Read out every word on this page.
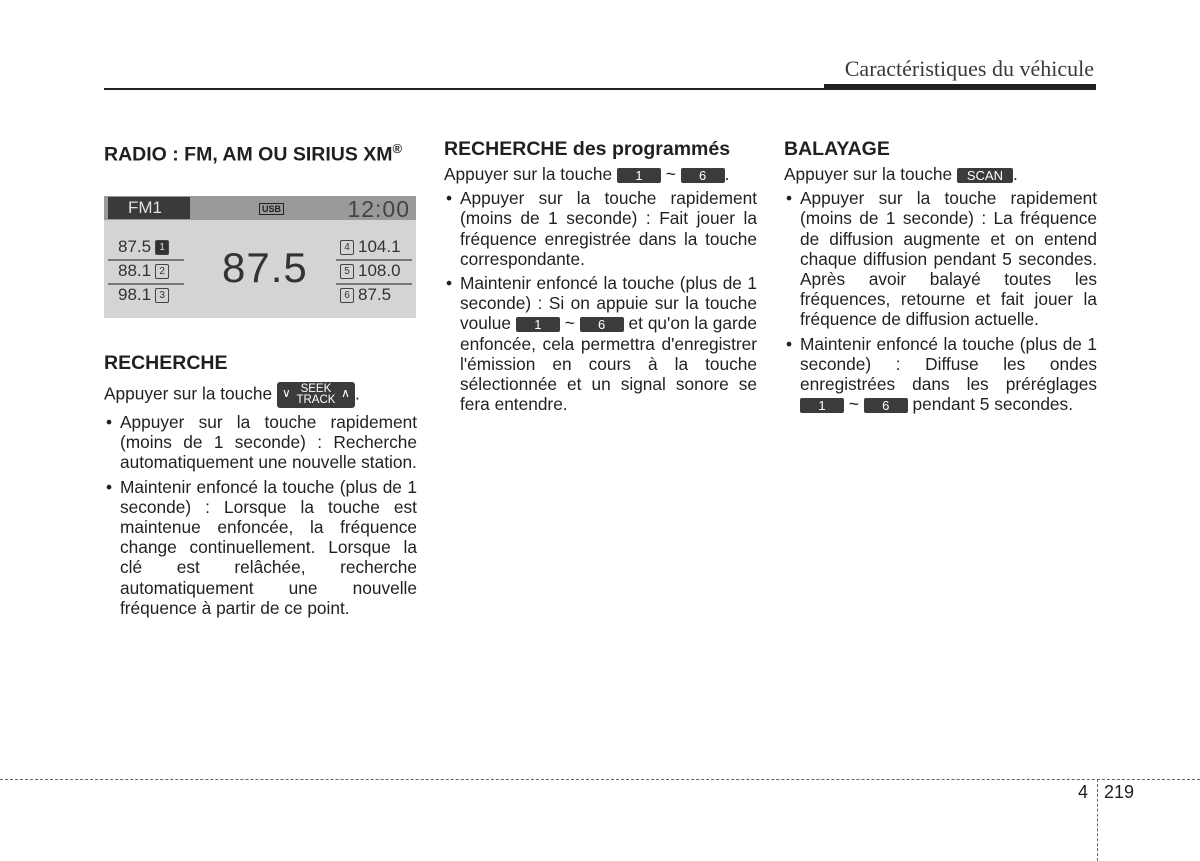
Caractéristiques du véhicule
RADIO : FM, AM OU SIRIUS XM®
FM1	USB	12:00
87.5 1
88.1 2
98.1 3
87.5	4 104.1
5 108.0
6 87.5
RECHERCHE

Appuyer sur la touche ∨ SEEK
TRACK ∧ .

• Appuyer sur la touche rapidement (moins de 1 seconde) : Recherche automatiquement une nouvelle station.
• Maintenir enfoncé la touche (plus de 1 seconde) : Lorsque la touche est maintenue enfoncée, la fréquence change continuellement. Lorsque la clé est relâchée, recherche automatiquement une nouvelle fréquence à partir de ce point.
RECHERCHE des programmés

Appuyer sur la touche 1 ~ 6 .

• Appuyer sur la touche rapidement (moins de 1 seconde) : Fait jouer la fréquence enregistrée dans la touche correspondante.
• Maintenir enfoncé la touche (plus de 1 seconde) : Si on appuie sur la touche voulue 1 ~ 6 et qu'on la garde enfoncée, cela permettra d'enregistrer l'émission en cours à la touche sélectionnée et un signal sonore se fera entendre.
BALAYAGE

Appuyer sur la touche SCAN .

• Appuyer sur la touche rapidement (moins de 1 seconde) : La fréquence de diffusion augmente et on entend chaque diffusion pendant 5 secondes. Après avoir balayé toutes les fréquences, retourne et fait jouer la fréquence de diffusion actuelle.
• Maintenir enfoncé la touche (plus de 1 seconde) : Diffuse les ondes enregistrées dans les préréglages 1 ~ 6 pendant 5 secondes.
4 219
